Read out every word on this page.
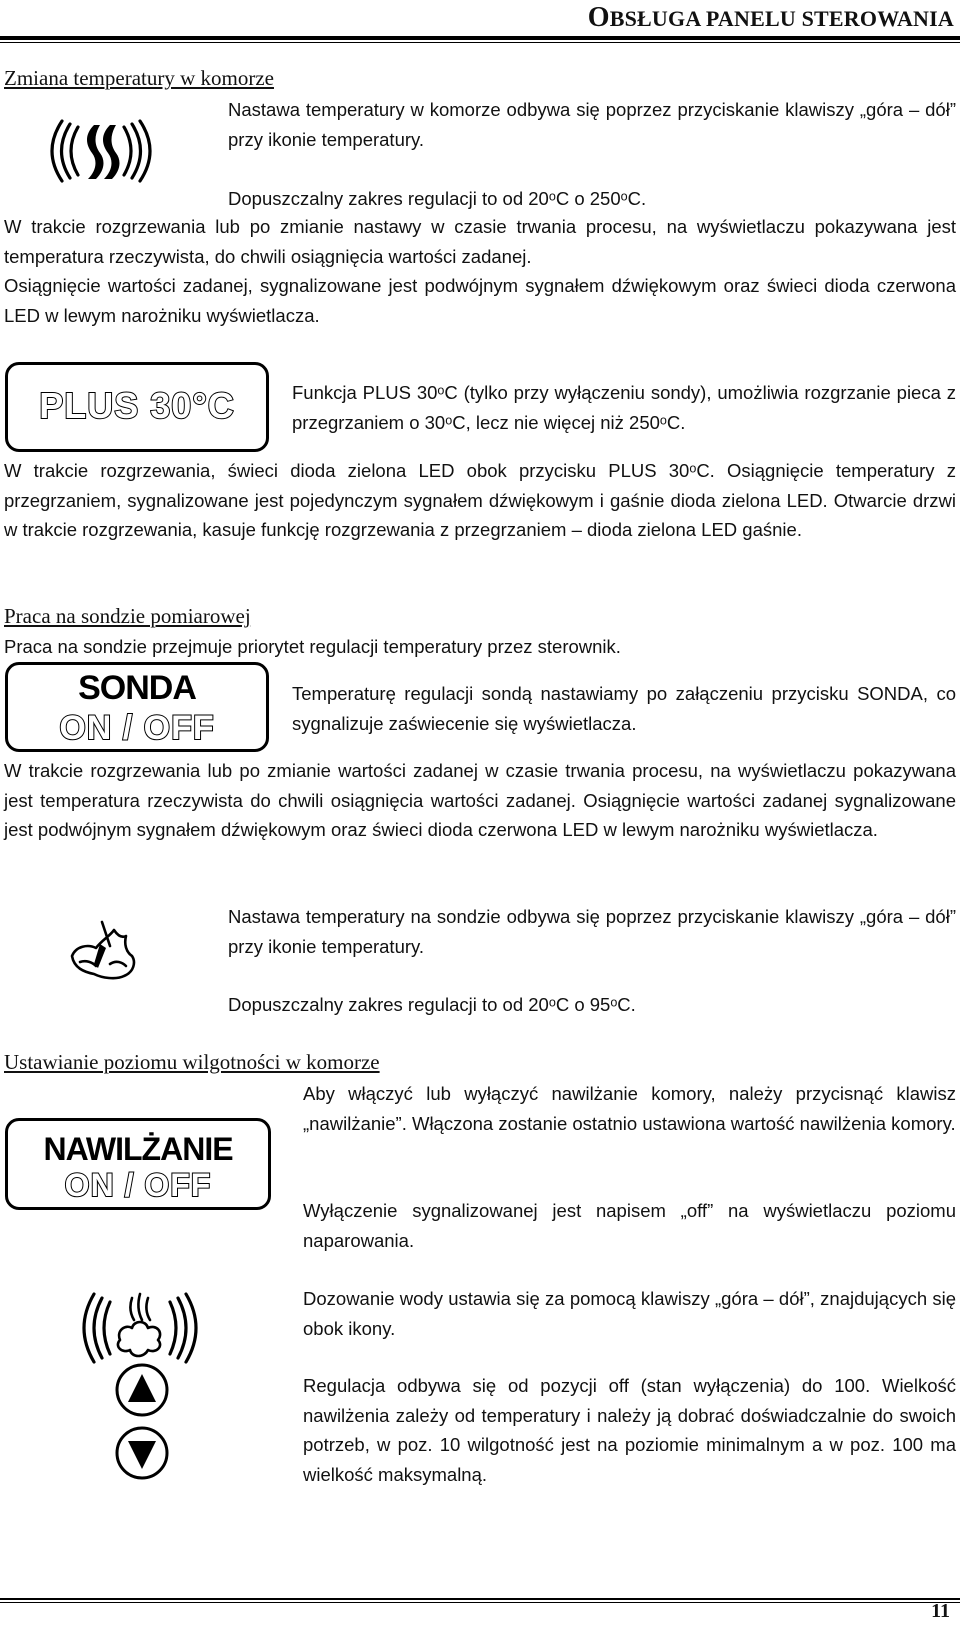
OBSŁUGA PANELU STEROWANIA
Zmiana temperatury w komorze
Nastawa temperatury w komorze odbywa się poprzez przyciskanie klawiszy „góra – dół” przy ikonie temperatury.
Dopuszczalny zakres regulacji to od 20ᵒC o 250ᵒC.
W trakcie rozgrzewania lub po zmianie nastawy w czasie trwania procesu, na wyświetlaczu pokazywana jest temperatura rzeczywista, do chwili osiągnięcia wartości zadanej.
Osiągnięcie wartości zadanej, sygnalizowane jest podwójnym sygnałem dźwiękowym oraz świeci dioda czerwona LED w lewym narożniku wyświetlacza.
PLUS 30°C	Funkcja PLUS 30ᵒC (tylko przy wyłączeniu sondy), umożliwia rozgrzanie pieca z przegrzaniem o 30ᵒC, lecz nie więcej niż 250ᵒC.
W trakcie rozgrzewania, świeci dioda zielona LED obok przycisku PLUS 30ᵒC. Osiągnięcie temperatury z przegrzaniem, sygnalizowane jest pojedynczym sygnałem dźwiękowym i gaśnie dioda zielona LED. Otwarcie drzwi w trakcie rozgrzewania, kasuje funkcję rozgrzewania z przegrzaniem – dioda zielona LED gaśnie.
Praca na sondzie pomiarowej
Praca na sondzie przejmuje priorytet regulacji temperatury przez sterownik.
SONDA
ON / OFF
Temperaturę regulacji sondą nastawiamy po załączeniu przycisku SONDA, co sygnalizuje zaświecenie się wyświetlacza.
W trakcie rozgrzewania lub po zmianie wartości zadanej w czasie trwania procesu, na wyświetlaczu pokazywana jest temperatura rzeczywista do chwili osiągnięcia wartości zadanej. Osiągnięcie wartości zadanej sygnalizowane jest podwójnym sygnałem dźwiękowym oraz świeci dioda czerwona LED w lewym narożniku wyświetlacza.
Nastawa temperatury na sondzie odbywa się poprzez przyciskanie klawiszy „góra – dół” przy ikonie temperatury.
Dopuszczalny zakres regulacji to od 20ᵒC o 95ᵒC.
Ustawianie poziomu wilgotności w komorze
NAWILŻANIE
ON / OFF
Aby włączyć lub wyłączyć nawilżanie komory, należy przycisnąć klawisz „nawilżanie”. Włączona zostanie ostatnio ustawiona wartość nawilżenia komory.
Wyłączenie sygnalizowanej jest napisem „off” na wyświetlaczu poziomu naparowania.
Dozowanie wody ustawia się za pomocą klawiszy „góra – dół”, znajdujących się obok ikony.
Regulacja odbywa się od pozycji off (stan wyłączenia) do 100. Wielkość nawilżenia zależy od temperatury i należy ją dobrać doświadczalnie do swoich potrzeb, w poz. 10 wilgotność jest na poziomie minimalnym a w poz. 100 ma wielkość maksymalną.
11
